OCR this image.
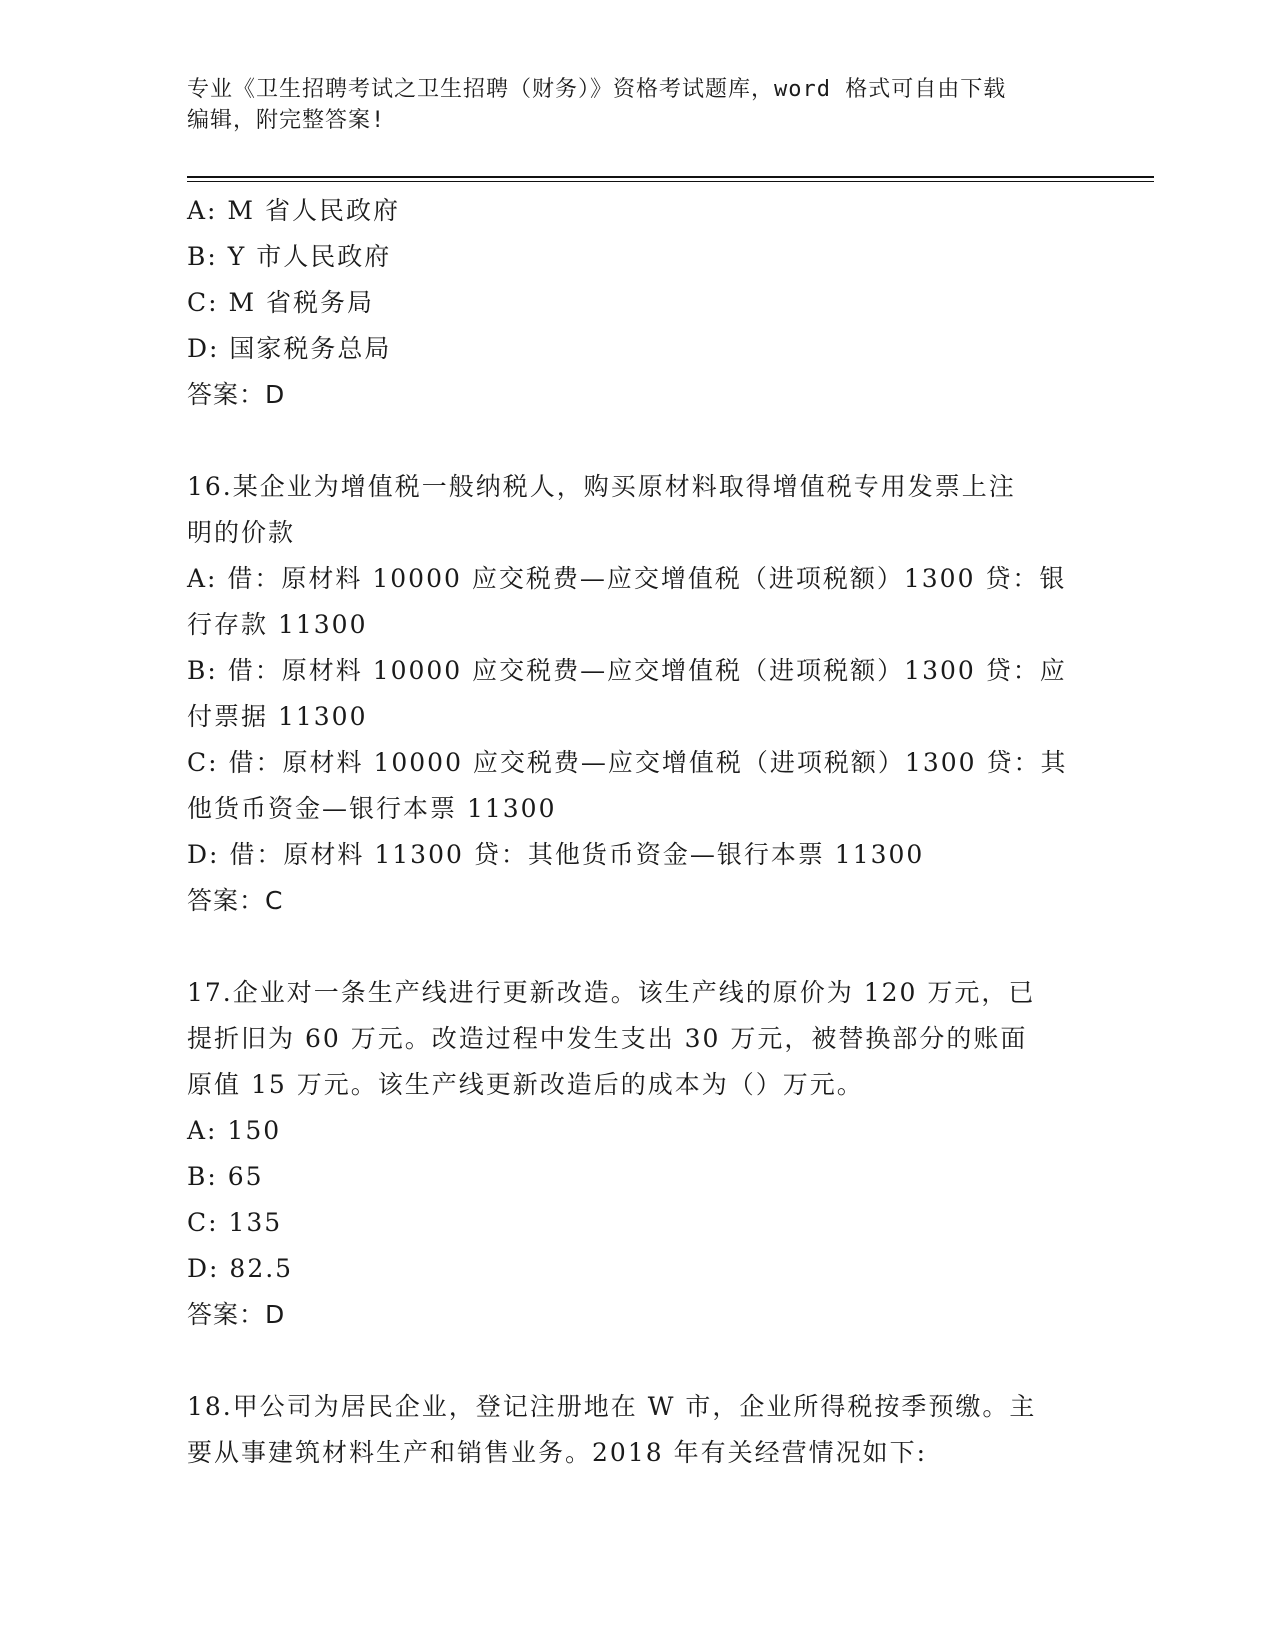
专业《卫生招聘考试之卫生招聘（财务）》资格考试题库，word 格式可自由下载
编辑，附完整答案!
A: M 省人民政府
B: Y 市人民政府
C: M 省税务局
D: 国家税务总局
答案：D
16.某企业为增值税一般纳税人，购买原材料取得增值税专用发票上注
明的价款
A: 借：原材料 10000 应交税费—应交增值税（进项税额）1300 贷：银
行存款 11300
B: 借：原材料 10000 应交税费—应交增值税（进项税额）1300 贷：应
付票据 11300
C: 借：原材料 10000 应交税费—应交增值税（进项税额）1300 贷：其
他货币资金—银行本票 11300
D: 借：原材料 11300 贷：其他货币资金—银行本票 11300
答案：C
17.企业对一条生产线进行更新改造。该生产线的原价为 120 万元，已
提折旧为 60 万元。改造过程中发生支出 30 万元，被替换部分的账面
原值 15 万元。该生产线更新改造后的成本为（）万元。
A: 150
B: 65
C: 135
D: 82.5
答案：D
18.甲公司为居民企业，登记注册地在 W 市，企业所得税按季预缴。主
要从事建筑材料生产和销售业务。2018 年有关经营情况如下:
